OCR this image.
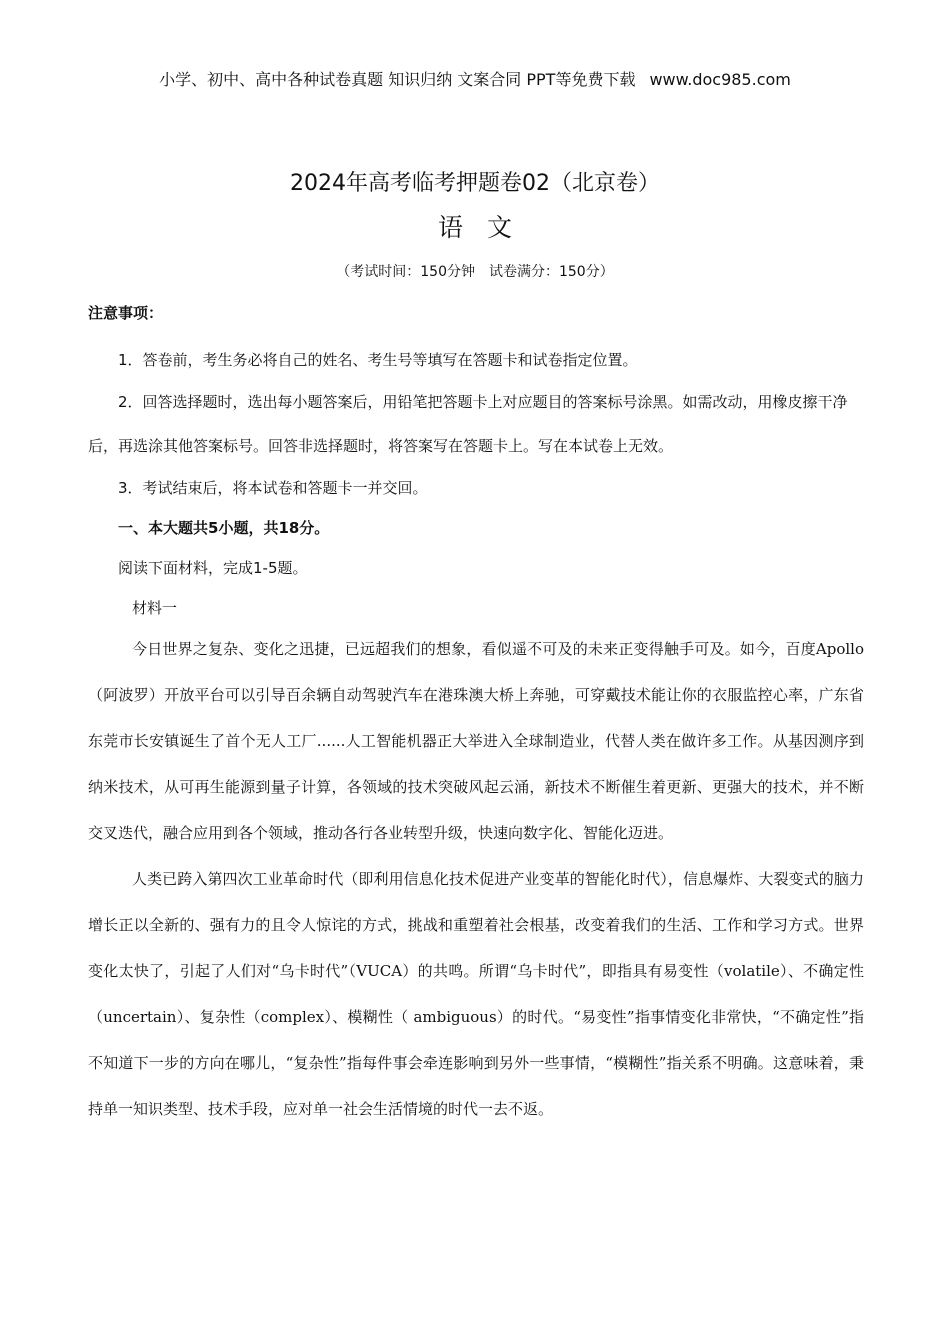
小学、初中、高中各种试卷真题 知识归纳 文案合同 PPT等免费下载 www.doc985.com
2024年高考临考押题卷02（北京卷）
语文
（考试时间：150分钟　试卷满分：150分）

注意事项：

1．答卷前，考生务必将自己的姓名、考生号等填写在答题卡和试卷指定位置。

2．回答选择题时，选出每小题答案后，用铅笔把答题卡上对应题目的答案标号涂黑。如需改动，用橡皮擦干净后，再选涂其他答案标号。回答非选择题时，将答案写在答题卡上。写在本试卷上无效。

3．考试结束后，将本试卷和答题卡一并交回。

一、本大题共5小题，共18分。

阅读下面材料，完成1-5题。

材料一

今日世界之复杂、变化之迅捷，已远超我们的想象，看似遥不可及的未来正变得触手可及。如今，百度Apollo（阿波罗）开放平台可以引导百余辆自动驾驶汽车在港珠澳大桥上奔驰，可穿戴技术能让你的衣服监控心率，广东省东莞市长安镇诞生了首个无人工厂......人工智能机器正大举进入全球制造业，代替人类在做许多工作。从基因测序到纳米技术，从可再生能源到量子计算，各领域的技术突破风起云涌，新技术不断催生着更新、更强大的技术，并不断交叉迭代，融合应用到各个领域，推动各行各业转型升级，快速向数字化、智能化迈进。

人类已跨入第四次工业革命时代（即利用信息化技术促进产业变革的智能化时代），信息爆炸、大裂变式的脑力增长正以全新的、强有力的且令人惊诧的方式，挑战和重塑着社会根基，改变着我们的生活、工作和学习方式。世界变化太快了，引起了人们对“乌卡时代”（VUCA）的共鸣。所谓“乌卡时代”，即指具有易变性（volatile）、不确定性（uncertain）、复杂性（complex）、模糊性（ ambiguous）的时代。“易变性”指事情变化非常快，“不确定性”指不知道下一步的方向在哪儿，“复杂性”指每件事会牵连影响到另外一些事情，“模糊性”指关系不明确。这意味着，秉持单一知识类型、技术手段，应对单一社会生活情境的时代一去不返。
